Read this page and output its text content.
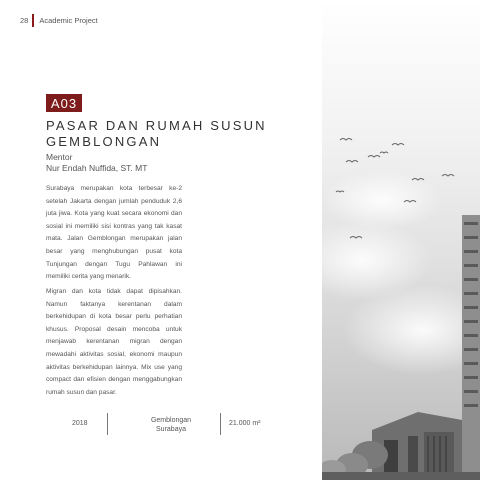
28 Academic Project
A03
PASAR DAN RUMAH SUSUN
GEMBLONGAN
Mentor
Nur Endah Nuffida, ST. MT
Surabaya merupakan kota terbesar ke-2 setelah Jakarta dengan jumlah penduduk 2,6 juta jiwa. Kota yang kuat secara ekonomi dan sosial ini memiliki sisi kontras yang tak kasat mata. Jalan Gemblongan merupakan jalan besar yang menghubungan pusat kota Tunjungan dengan Tugu Pahlawan ini memiliki cerita yang menarik.
Migran dan kota tidak dapat dipisahkan. Namun faktanya kerentanan dalam berkehidupan di kota besar perlu perhatian khusus. Proposal desain mencoba untuk menjawab kerentanan migran dengan mewadahi aktivitas sosial, ekonomi maupun aktivitas berkehidupan lainnya. Mix use yang compact dan efisien dengan menggabungkan rumah susun dan pasar.
2018	Gemblongan
Surabaya
21.000 m²
